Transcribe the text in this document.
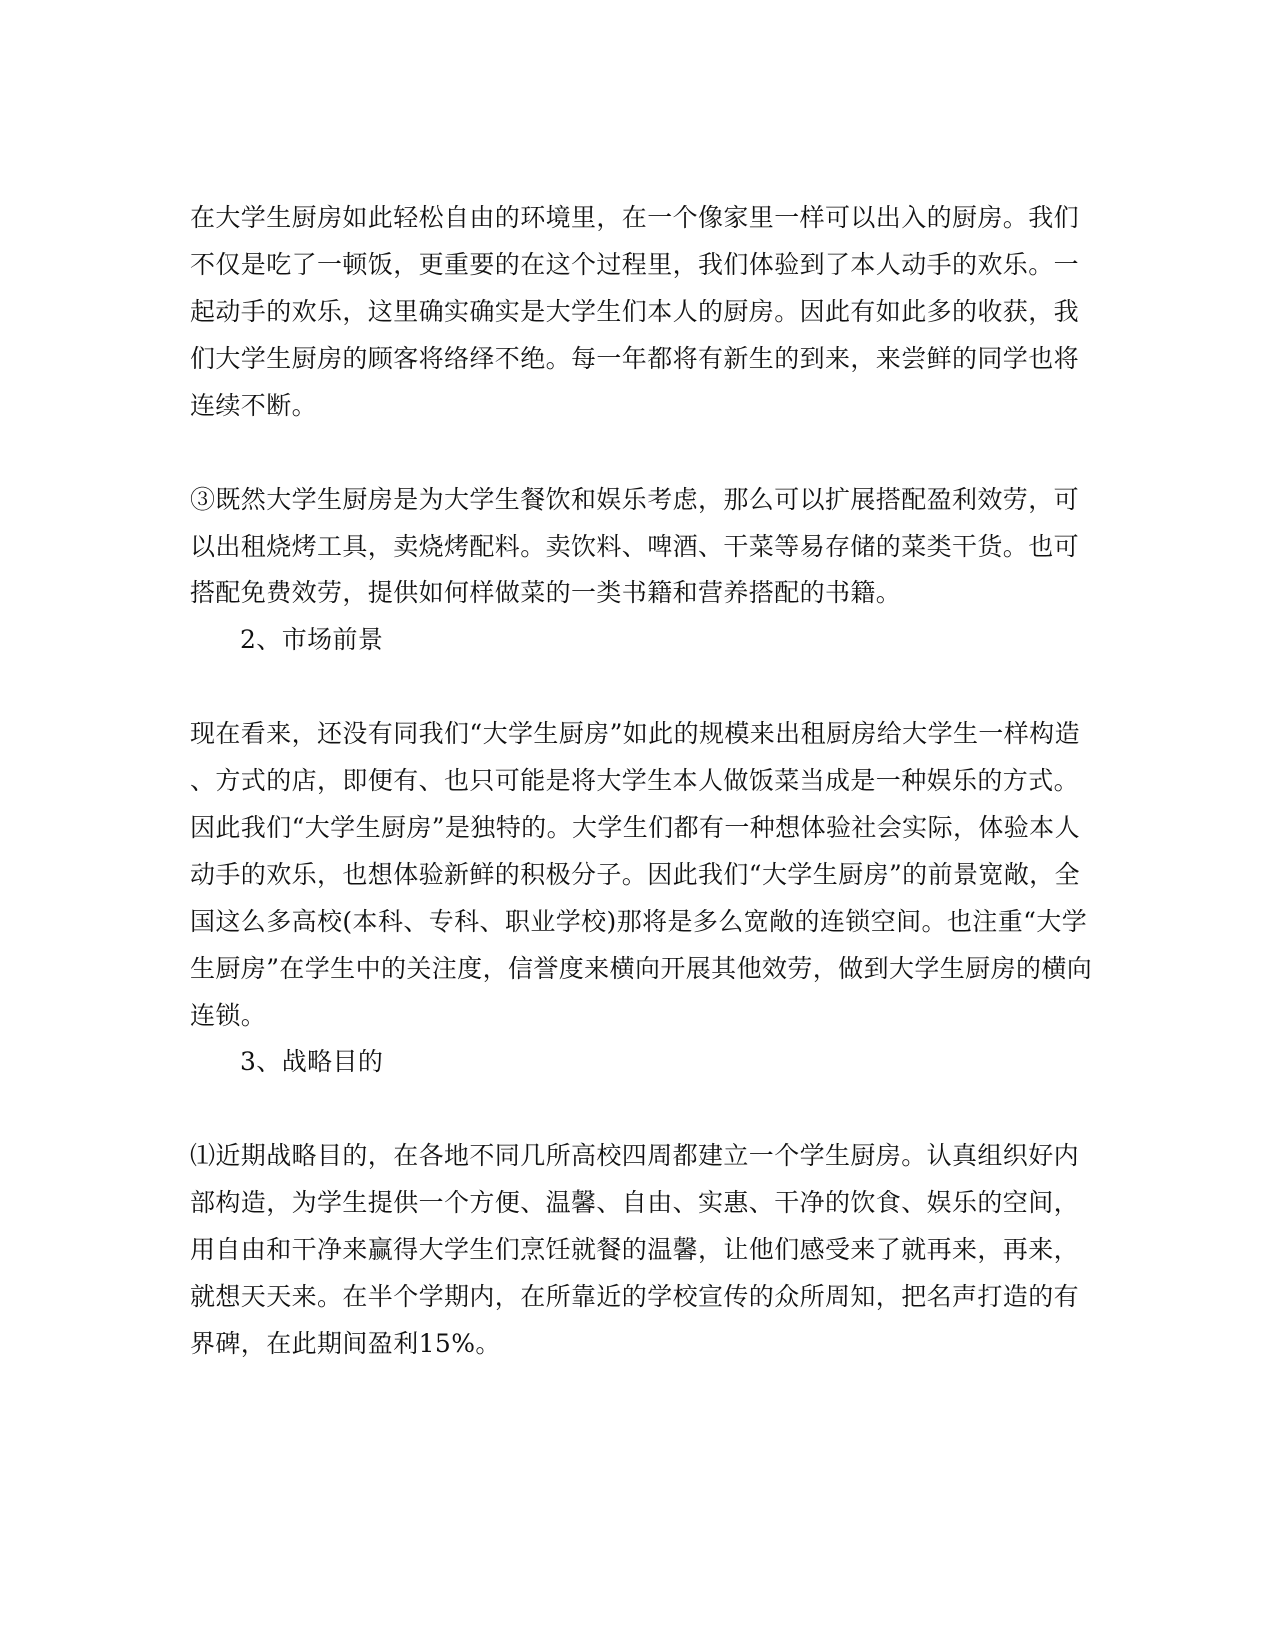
在大学生厨房如此轻松自由的环境里，在一个像家里一样可以出入的厨房。我们
不仅是吃了一顿饭，更重要的在这个过程里，我们体验到了本人动手的欢乐。一
起动手的欢乐，这里确实确实是大学生们本人的厨房。因此有如此多的收获，我
们大学生厨房的顾客将络绎不绝。每一年都将有新生的到来，来尝鲜的同学也将
连续不断。
③既然大学生厨房是为大学生餐饮和娱乐考虑，那么可以扩展搭配盈利效劳，可
以出租烧烤工具，卖烧烤配料。卖饮料、啤酒、干菜等易存储的菜类干货。也可
搭配免费效劳，提供如何样做菜的一类书籍和营养搭配的书籍。
2、市场前景
现在看来，还没有同我们“大学生厨房”如此的规模来出租厨房给大学生一样构造
、方式的店，即便有、也只可能是将大学生本人做饭菜当成是一种娱乐的方式。
因此我们“大学生厨房”是独特的。大学生们都有一种想体验社会实际，体验本人
动手的欢乐，也想体验新鲜的积极分子。因此我们“大学生厨房”的前景宽敞，全
国这么多高校(本科、专科、职业学校)那将是多么宽敞的连锁空间。也注重“大学
生厨房”在学生中的关注度，信誉度来横向开展其他效劳，做到大学生厨房的横向
连锁。
3、战略目的
⑴近期战略目的，在各地不同几所高校四周都建立一个学生厨房。认真组织好内
部构造，为学生提供一个方便、温馨、自由、实惠、干净的饮食、娱乐的空间，
用自由和干净来赢得大学生们烹饪就餐的温馨，让他们感受来了就再来，再来，
就想天天来。在半个学期内，在所靠近的学校宣传的众所周知，把名声打造的有
界碑，在此期间盈利15%。
